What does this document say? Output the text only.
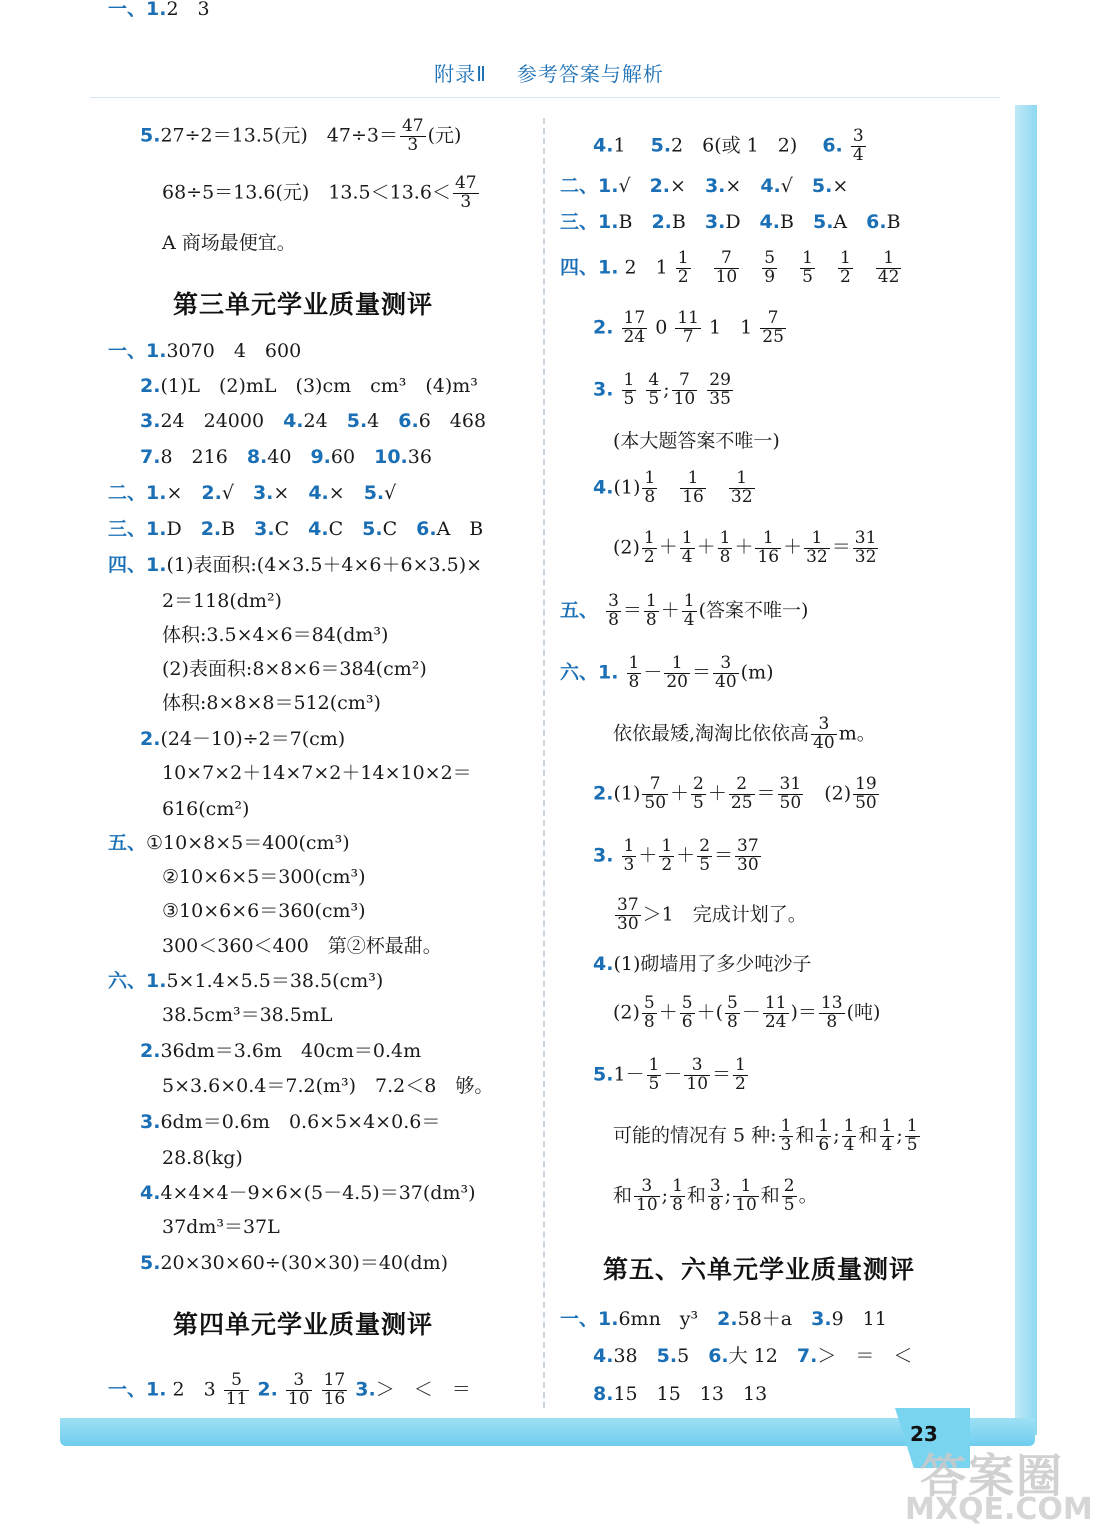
附录Ⅱ 参考答案与解析
23
答案圈
MXQE.COM
5.27÷2＝13.5(元)　$47\div 3= \frac{47}{3}$ (元)
68÷5＝13.6(元)　$13.5<13.6< \frac{47}{3}$
A 商场最便宜。
第三单元学业质量测评
一、1.3070　4　600
2.(1)L　(2)mL　(3)cm　cm³　(4)m³
3.24　24000　4.24　5.4　6.6　468
7.8　216　8.40　9.60　10.36
二、1.×　2.√　3.×　4.×　5.√
三、1.D　2.B　3.C　4.C　5.C　6.A　B
四、1.(1)表面积:(4×3.5＋4×6＋6×3.5)×
2＝118(dm²)
体积:3.5×4×6＝84(dm³)
(2)表面积:8×8×6＝384(cm²)
体积:8×8×8＝512(cm³)
2.(24－10)÷2＝7(cm)
10×7×2＋14×7×2＋14×10×2＝
616(cm²)
五、①10×8×5＝400(cm³)
②10×6×5＝300(cm³)
③10×6×6＝360(cm³)
300＜360＜400　第②杯最甜。
六、1.5×1.4×5.5＝38.5(cm³)
38.5cm³＝38.5mL
2.36dm＝3.6m　40cm＝0.4m
5×3.6×0.4＝7.2(m³)　7.2＜8　够。
3.6dm＝0.6m　0.6×5×4×0.6＝
28.8(kg)
4.4×4×4－9×6×(5－4.5)＝37(dm³)
37dm³＝37L
5.20×30×60÷(30×30)＝40(dm)
第四单元学业质量测评
一、1.2　3
一、1. 2　$3 \frac{5}{11} 2$. $\frac{3}{10}$
$\frac{17}{16} 3.>$　＜　＝
4.1　 5.2　6(或 1　2)　 6. $\frac{3}{4}$
二、1.√　2.×　3.×　4.√　5.×
三、1.B　2.B　3.D　4.B　5.A　6.B
四、1. 2　$1 \frac{1}{2}$
　 $\frac{7}{10}$
　 $\frac{5}{9}$
　 $\frac{1}{5}$
　 $\frac{1}{2}$
　 $\frac{1}{42}$
2. $\frac{17}{24} 0 \frac{11}{7} 1$　$1 \frac{7}{25}$
3. $\frac{1}{5}$
$\frac{4}{5}$ ; $\frac{7}{10}$
$\frac{29}{35}$
(本大题答案不唯一)
$4.(1) \frac{1}{8}$
　 $\frac{1}{16}$
　 $\frac{1}{32}$
$(2) \frac{1}{2} + \frac{1}{4} + \frac{1}{8} + \frac{1}{16} + \frac{1}{32} = \frac{31}{32}$
五、 $\frac{3}{8} = \frac{1}{8} + \frac{1}{4}$ (答案不唯一)
六、1. $\frac{1}{8} - \frac{1}{20} = \frac{3}{40} (m)$
依依最矮,淘淘比依依高 $\frac{3}{40}$ m。
$2.(1) \frac{7}{50} + \frac{2}{5} + \frac{2}{25} = \frac{31}{50}$
　 $(2) \frac{19}{50}$
3. $\frac{1}{3} + \frac{1}{2} + \frac{2}{5} = \frac{37}{30}$
$\frac{37}{30} >1$　完成计划了。
4.(1)砌墙用了多少吨沙子
$(2) \frac{5}{8} + \frac{5}{6}$ ＋( $\frac{5}{8} - \frac{11}{24}$ )＝ $\frac{13}{8}$ (吨)
$5.1- \frac{1}{5} - \frac{3}{10} = \frac{1}{2}$
可能的情况有 5 种: $\frac{1}{3}$ 和 $\frac{1}{6}$ ; $\frac{1}{4}$ 和 $\frac{1}{4}$ ; $\frac{1}{5}$
和 $\frac{3}{10}$ ; $\frac{1}{8}$ 和 $\frac{3}{8}$ ; $\frac{1}{10}$ 和 $\frac{2}{5}$ 。
第五、六单元学业质量测评
一、1.6mn　y³　2.58＋a　3.9　11
4.38　5.5　6.大 12　7.＞　＝　＜
8.15　15　13　13
